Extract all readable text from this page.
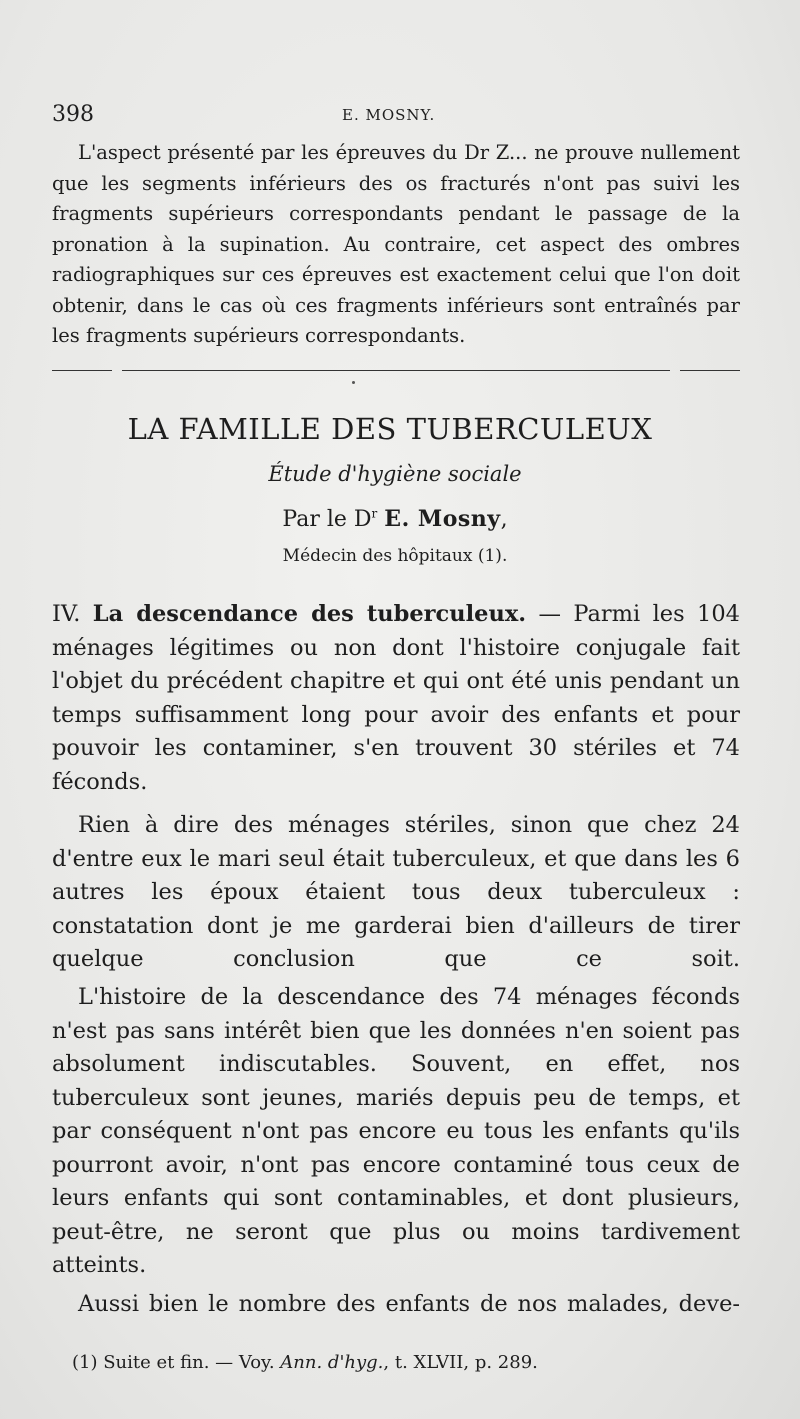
398	E. MOSNY.

L'aspect présenté par les épreuves du Dr Z... ne prouve nullement que les segments inférieurs des os fracturés n'ont pas suivi les fragments supérieurs correspondants pendant le passage de la pronation à la supination. Au contraire, cet aspect des ombres radiographiques sur ces épreuves est exactement celui que l'on doit obtenir, dans le cas où ces fragments inférieurs sont entraînés par les fragments supérieurs correspondants.

LA FAMILLE DES TUBERCULEUX
Étude d'hygiène sociale
Par le $D^r$ E. Mosny,
Médecin des hôpitaux (1).

IV. La descendance des tuberculeux. — Parmi les 104 ménages légitimes ou non dont l'histoire conjugale fait l'objet du précédent chapitre et qui ont été unis pendant un temps suffisamment long pour avoir des enfants et pour pouvoir les contaminer, s'en trouvent 30 stériles et 74 féconds.

Rien à dire des ménages stériles, sinon que chez 24 d'entre eux le mari seul était tuberculeux, et que dans les 6 autres les époux étaient tous deux tuberculeux : constatation dont je me garderai bien d'ailleurs de tirer quelque conclusion que ce soit.

L'histoire de la descendance des 74 ménages féconds n'est pas sans intérêt bien que les données n'en soient pas absolument indiscutables. Souvent, en effet, nos tuberculeux sont jeunes, mariés depuis peu de temps, et par conséquent n'ont pas encore eu tous les enfants qu'ils pourront avoir, n'ont pas encore contaminé tous ceux de leurs enfants qui sont contaminables, et dont plusieurs, peut-être, ne seront que plus ou moins tardivement atteints.

Aussi bien le nombre des enfants de nos malades, deve-

(1) Suite et fin. — Voy. Ann. d'hyg., t. XLVII, p. 289.
